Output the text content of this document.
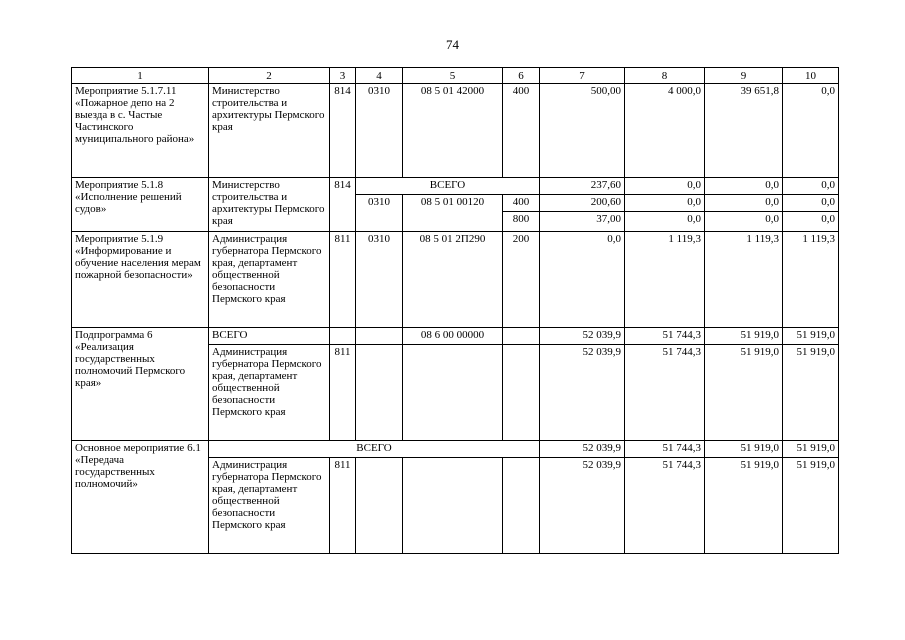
74
1	2	3	4	5	6	7	8	9	10
Мероприятие 5.1.7.11 «Пожарное депо на 2 выезда в с. Частые Частинского муниципального района»	Министерство строительства и архитектуры Пермского края	814	0310	08 5 01 42000	400	500,00	4 000,0	39 651,8	0,0
Мероприятие 5.1.8 «Исполнение решений судов»	Министерство строительства и архитектуры Пермского края	814	ВСЕГО			237,60	0,0	0,0	0,0
			0310	08 5 01 00120	400	200,60	0,0	0,0	0,0
					800	37,00	0,0	0,0	0,0
Мероприятие 5.1.9 «Информирование и обучение населения мерам пожарной безопасности»	Администрация губернатора Пермского края, департамент общественной безопасности Пермского края	811	0310	08 5 01 2П290	200	0,0	1 119,3	1 119,3	1 119,3
Подпрограмма 6 «Реализация государственных полномочий Пермского края»	ВСЕГО			08 6 00 00000		52 039,9	51 744,3	51 919,0	51 919,0
	Администрация губернатора Пермского края, департамент общественной безопасности Пермского края	811				52 039,9	51 744,3	51 919,0	51 919,0
Основное мероприятие 6.1 «Передача государственных полномочий»	ВСЕГО					52 039,9	51 744,3	51 919,0	51 919,0
	Администрация губернатора Пермского края, департамент общественной безопасности Пермского края	811				52 039,9	51 744,3	51 919,0	51 919,0
